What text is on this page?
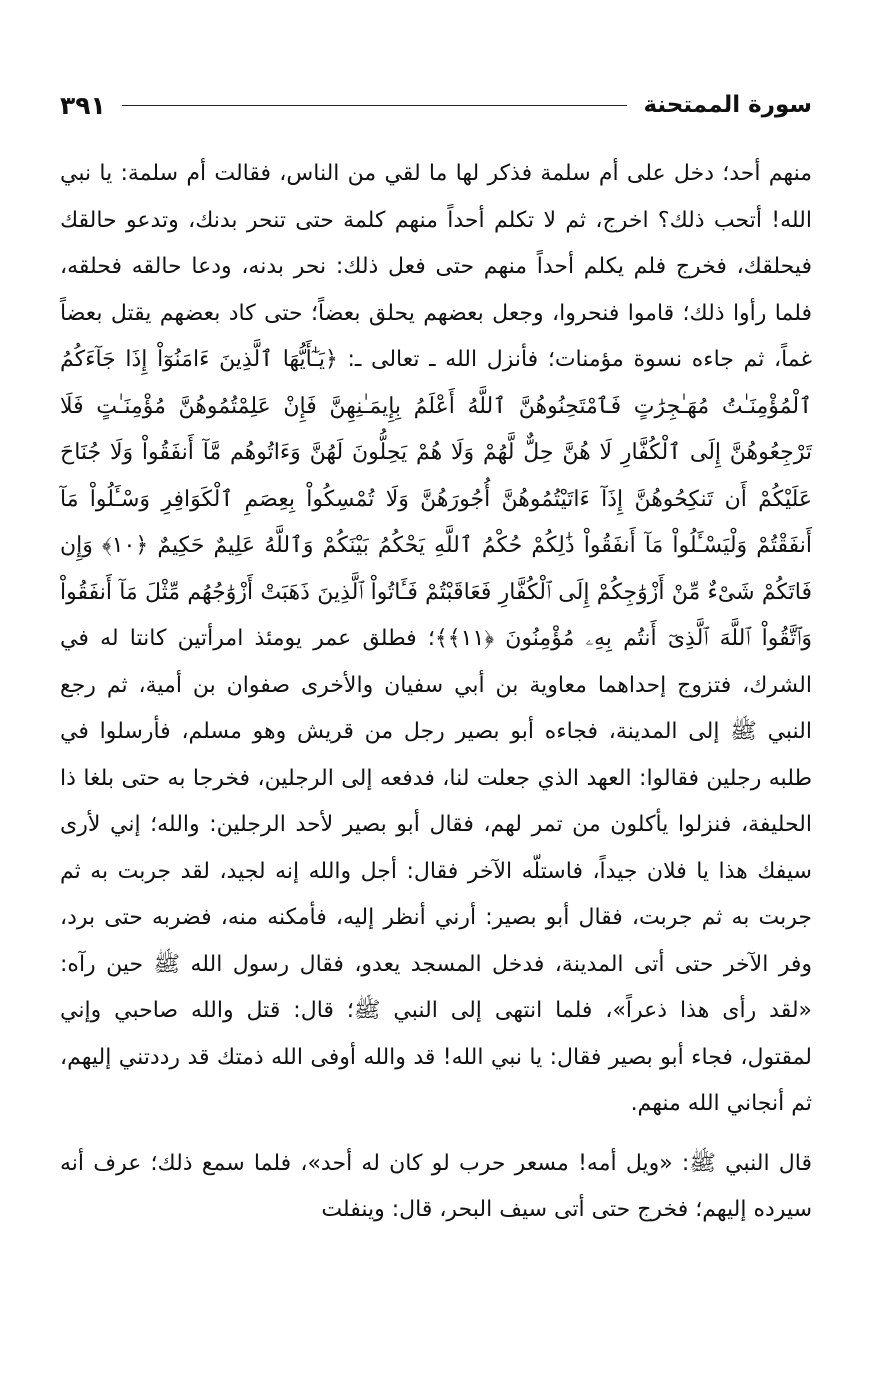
سورة الممتحنة
٣٩١

منهم أحد؛ دخل على أم سلمة فذكر لها ما لقي من الناس، فقالت أم سلمة: يا نبي الله! أتحب ذلك؟ اخرج، ثم لا تكلم أحداً منهم كلمة حتى تنحر بدنك، وتدعو حالقك فيحلقك، فخرج فلم يكلم أحداً منهم حتى فعل ذلك: نحر بدنه، ودعا حالقه فحلقه، فلما رأوا ذلك؛ قاموا فنحروا، وجعل بعضهم يحلق بعضاً؛ حتى كاد بعضهم يقتل بعضاً غماً، ثم جاءه نسوة مؤمنات؛ فأنزل الله ـ تعالى ـ: ﴿يَـٰٓأَيُّهَا ٱلَّذِينَ ءَامَنُوٓاْ إِذَا جَآءَكُمُ ٱلْمُؤْمِنَـٰتُ مُهَـٰجِرَٰتٍ فَٱمْتَحِنُوهُنَّ ٱللَّهُ أَعْلَمُ بِإِيمَـٰنِهِنَّ فَإِنْ عَلِمْتُمُوهُنَّ مُؤْمِنَـٰتٍ فَلَا تَرْجِعُوهُنَّ إِلَى ٱلْكُفَّارِ لَا هُنَّ حِلٌّ لَّهُمْ وَلَا هُمْ يَحِلُّونَ لَهُنَّ وَءَاتُوهُم مَّآ أَنفَقُواْ وَلَا جُنَاحَ عَلَيْكُمْ أَن تَنكِحُوهُنَّ إِذَآ ءَاتَيْتُمُوهُنَّ أُجُورَهُنَّ وَلَا تُمْسِكُواْ بِعِصَمِ ٱلْكَوَافِرِ وَسْـَٔلُواْ مَآ أَنفَقْتُمْ وَلْيَسْـَٔلُواْ مَآ أَنفَقُواْ ذَٰلِكُمْ حُكْمُ ٱللَّهِ يَحْكُمُ بَيْنَكُمْ وَٱللَّهُ عَلِيمٌ حَكِيمٌ ﴿١٠﴾ وَإِن فَاتَكُمْ شَىْءٌ مِّنْ أَزْوَٰجِكُمْ إِلَى ٱلْكُفَّارِ فَعَاقَبْتُمْ فَـَٔاتُواْ ٱلَّذِينَ ذَهَبَتْ أَزْوَٰجُهُم مِّثْلَ مَآ أَنفَقُواْ وَٱتَّقُواْ ٱللَّهَ ٱلَّذِىٓ أَنتُم بِهِۦ مُؤْمِنُونَ ﴿١١﴾﴾؛ فطلق عمر يومئذ امرأتين كانتا له في الشرك، فتزوج إحداهما معاوية بن أبي سفيان والأخرى صفوان بن أمية، ثم رجع النبي ﷺ إلى المدينة، فجاءه أبو بصير رجل من قريش وهو مسلم، فأرسلوا في طلبه رجلين فقالوا: العهد الذي جعلت لنا، فدفعه إلى الرجلين، فخرجا به حتى بلغا ذا الحليفة، فنزلوا يأكلون من تمر لهم، فقال أبو بصير لأحد الرجلين: والله؛ إني لأرى سيفك هذا يا فلان جيداً، فاستلّه الآخر فقال: أجل والله إنه لجيد، لقد جربت به ثم جربت به ثم جربت، فقال أبو بصير: أرني أنظر إليه، فأمكنه منه، فضربه حتى برد، وفر الآخر حتى أتى المدينة، فدخل المسجد يعدو، فقال رسول الله ﷺ حين رآه: «لقد رأى هذا ذعراً»، فلما انتهى إلى النبي ﷺ؛ قال: قتل والله صاحبي وإني لمقتول، فجاء أبو بصير فقال: يا نبي الله! قد والله أوفى الله ذمتك قد رددتني إليهم، ثم أنجاني الله منهم.

قال النبي ﷺ: «ويل أمه! مسعر حرب لو كان له أحد»، فلما سمع ذلك؛ عرف أنه سيرده إليهم؛ فخرج حتى أتى سيف البحر، قال: وينفلت
